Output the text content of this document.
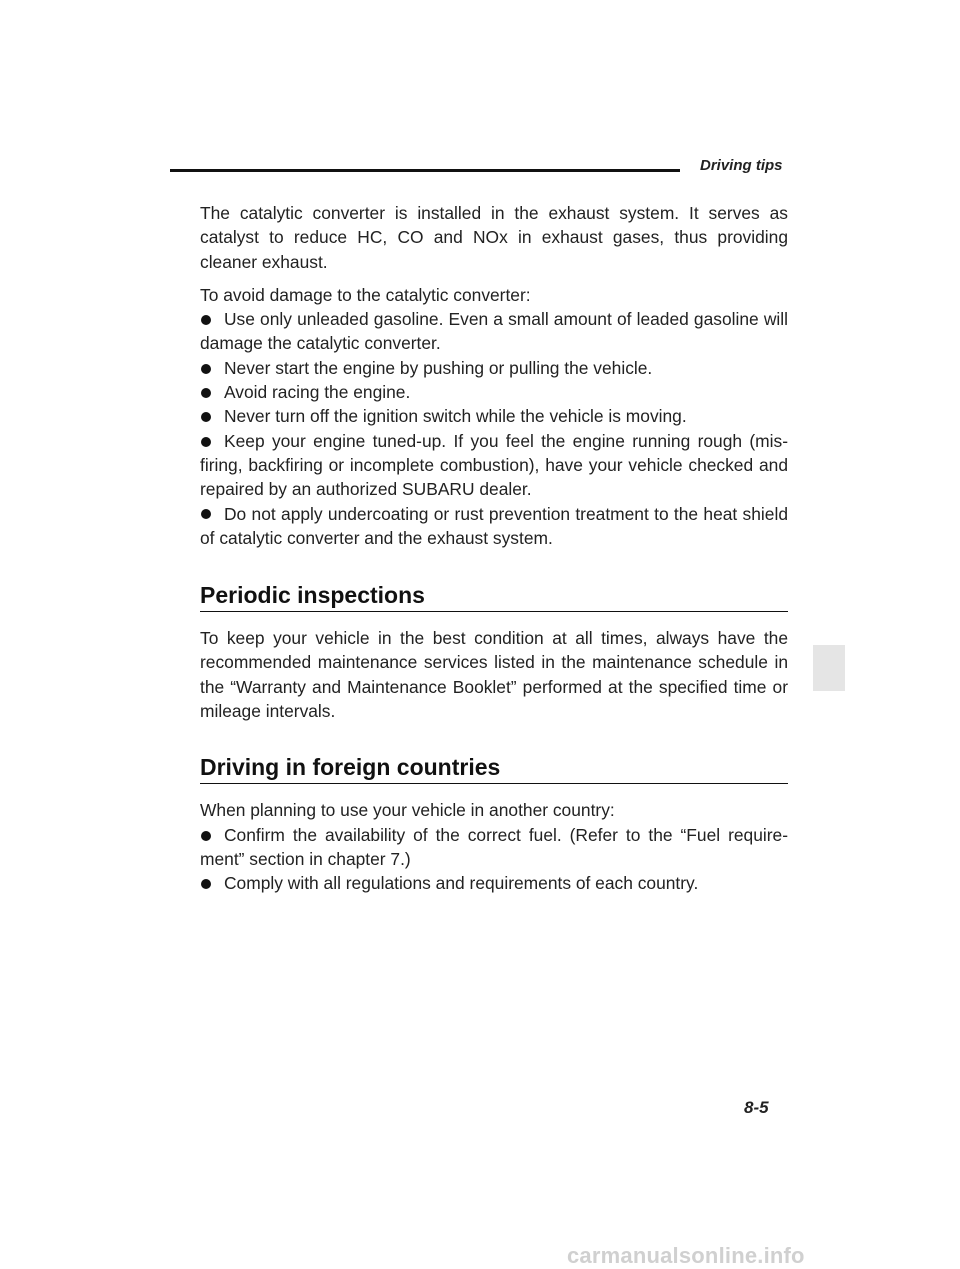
Driving tips

The catalytic converter is installed in the exhaust system. It serves as catalyst to reduce HC, CO and NOx in exhaust gases, thus providing cleaner exhaust.

To avoid damage to the catalytic converter:
Use only unleaded gasoline. Even a small amount of leaded gasoline will damage the catalytic converter.
Never start the engine by pushing or pulling the vehicle.
Avoid racing the engine.
Never turn off the ignition switch while the vehicle is moving.
Keep your engine tuned-up. If you feel the engine running rough (mis-firing, backfiring or incomplete combustion), have your vehicle checked and repaired by an authorized SUBARU dealer.
Do not apply undercoating or rust prevention treatment to the heat shield of catalytic converter and the exhaust system.
Periodic inspections

To keep your vehicle in the best condition at all times, always have the recommended maintenance services listed in the maintenance schedule in the “Warranty and Maintenance Booklet” performed at the specified time or mileage intervals.

Driving in foreign countries
When planning to use your vehicle in another country:
Confirm the availability of the correct fuel. (Refer to the “Fuel require-ment” section in chapter 7.)
Comply with all regulations and requirements of each country.
8-5
carmanualsonline.info
